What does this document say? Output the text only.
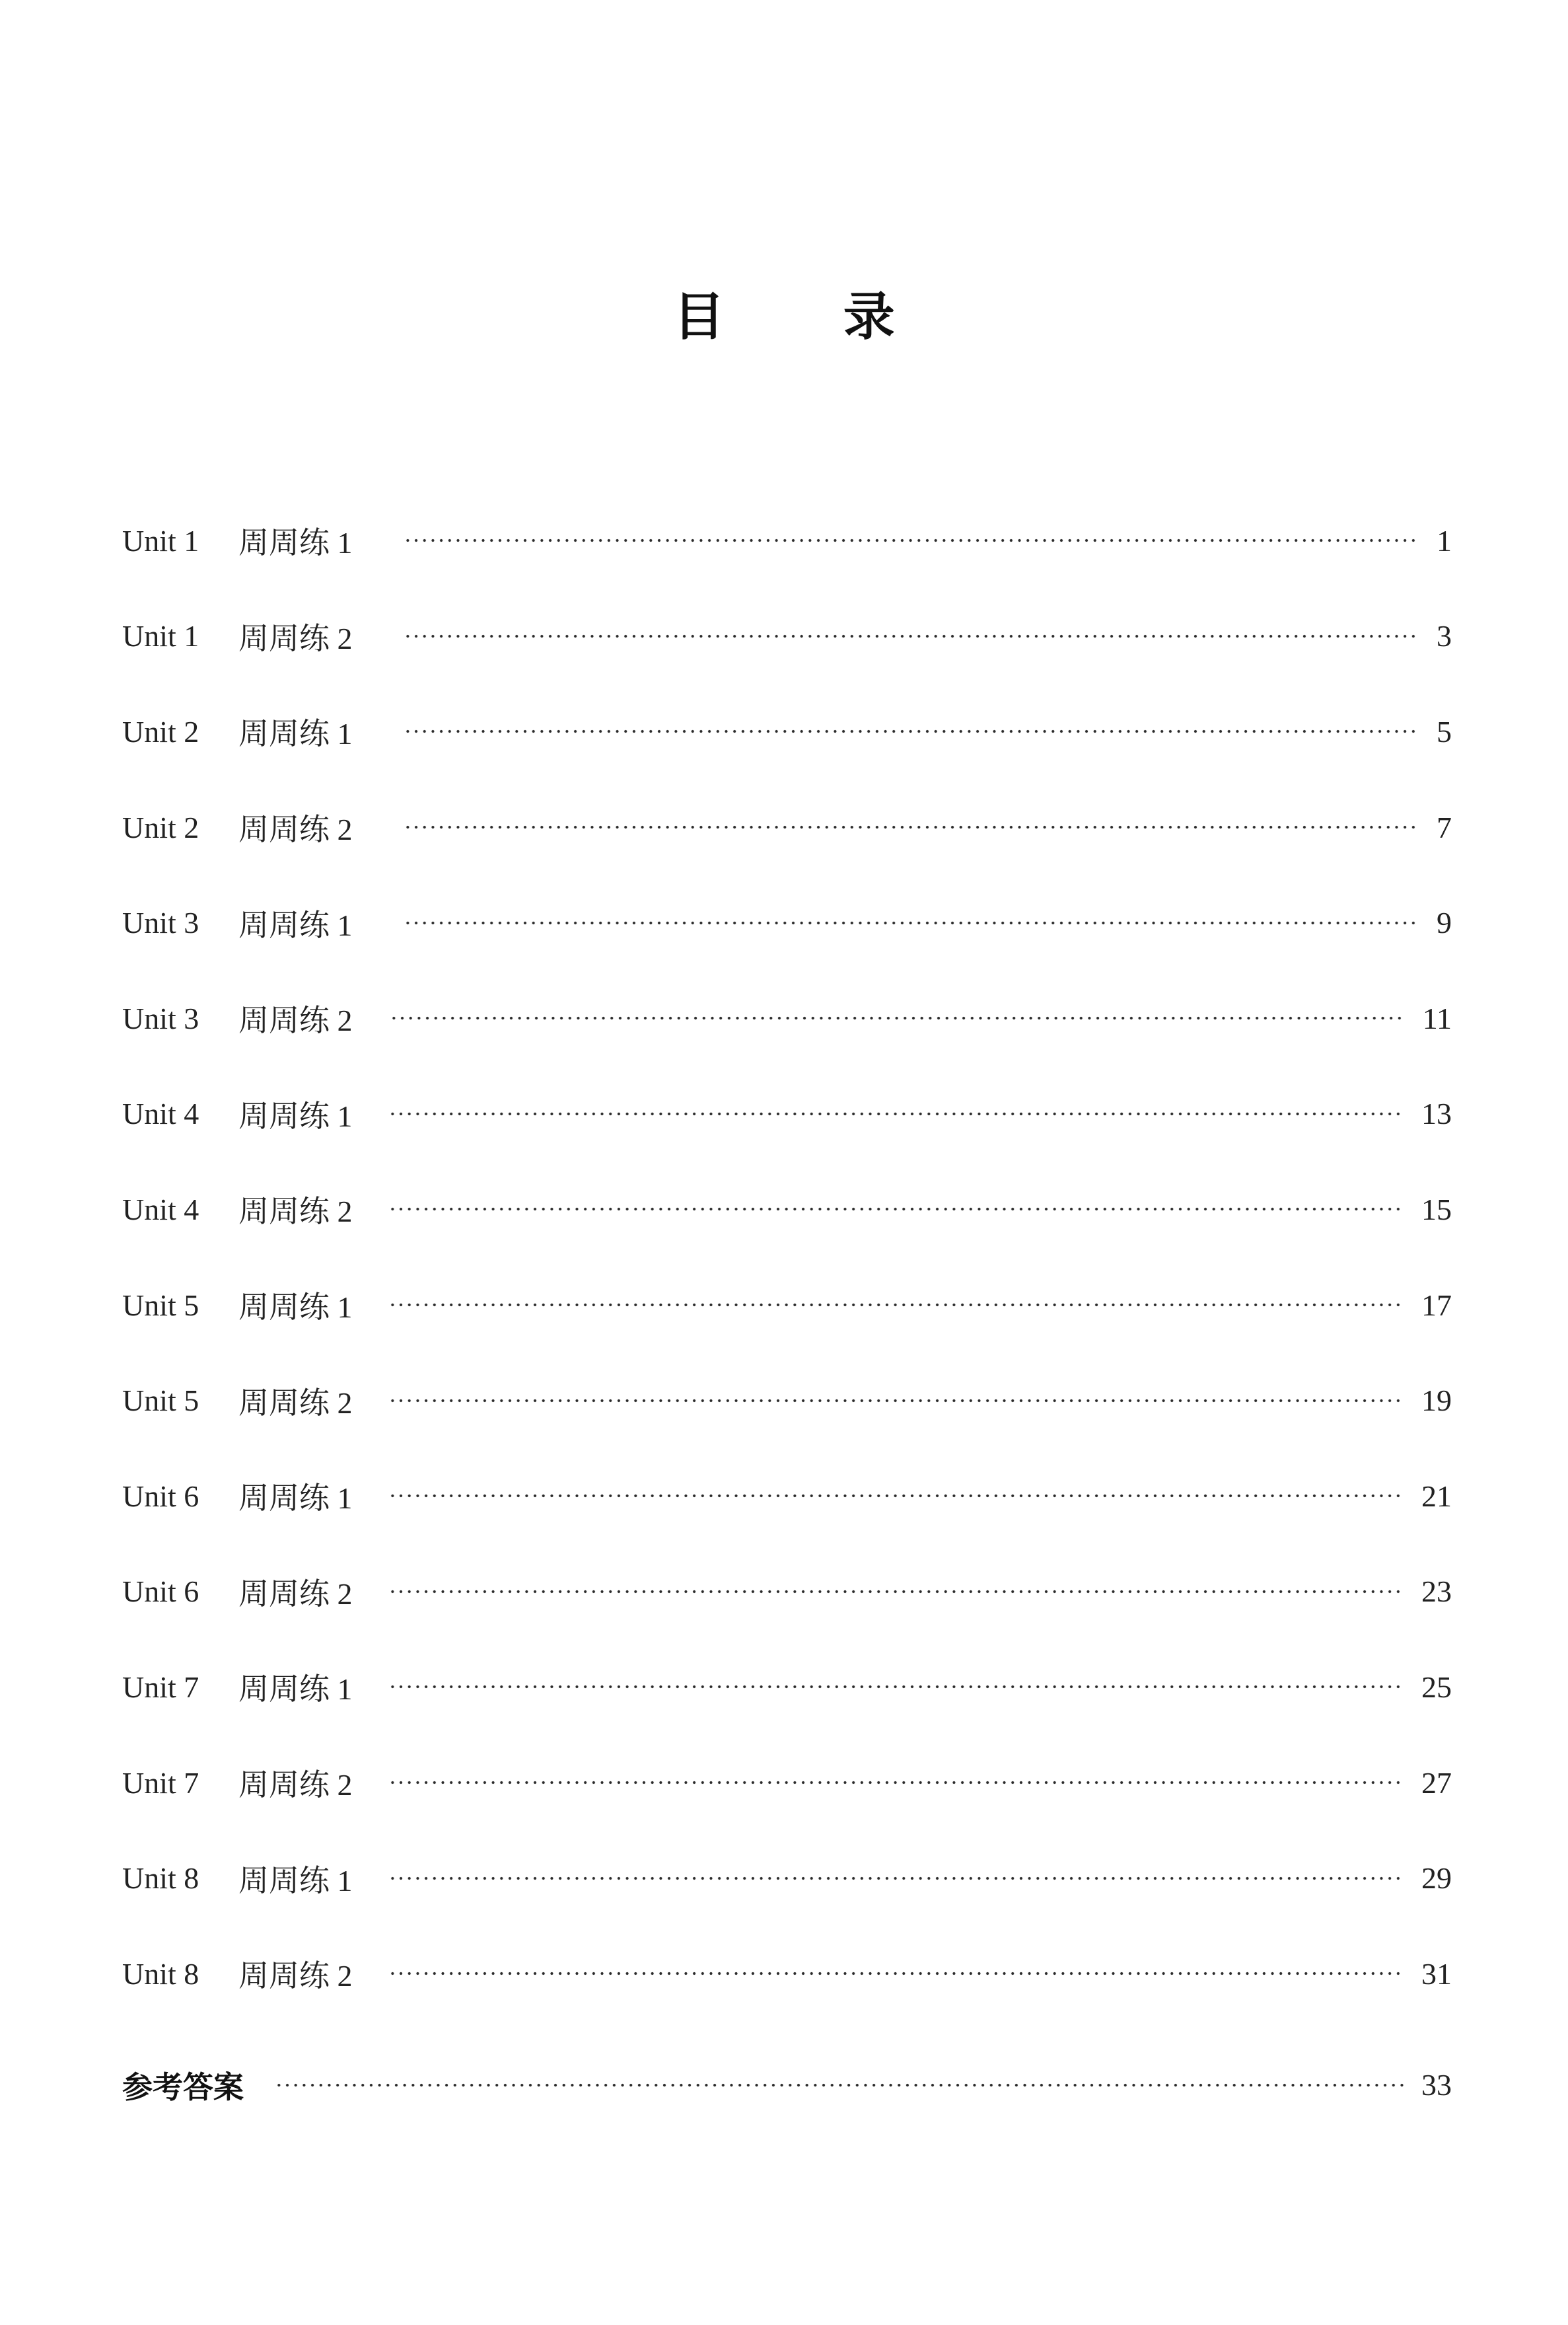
目 录
Unit 1	周周练 1	1
Unit 1	周周练 2	3
Unit 2	周周练 1	5
Unit 2	周周练 2	7
Unit 3	周周练 1	9
Unit 3	周周练 2	11
Unit 4	周周练 1	13
Unit 4	周周练 2	15
Unit 5	周周练 1	17
Unit 5	周周练 2	19
Unit 6	周周练 1	21
Unit 6	周周练 2	23
Unit 7	周周练 1	25
Unit 7	周周练 2	27
Unit 8	周周练 1	29
Unit 8	周周练 2	31
参考答案	33
